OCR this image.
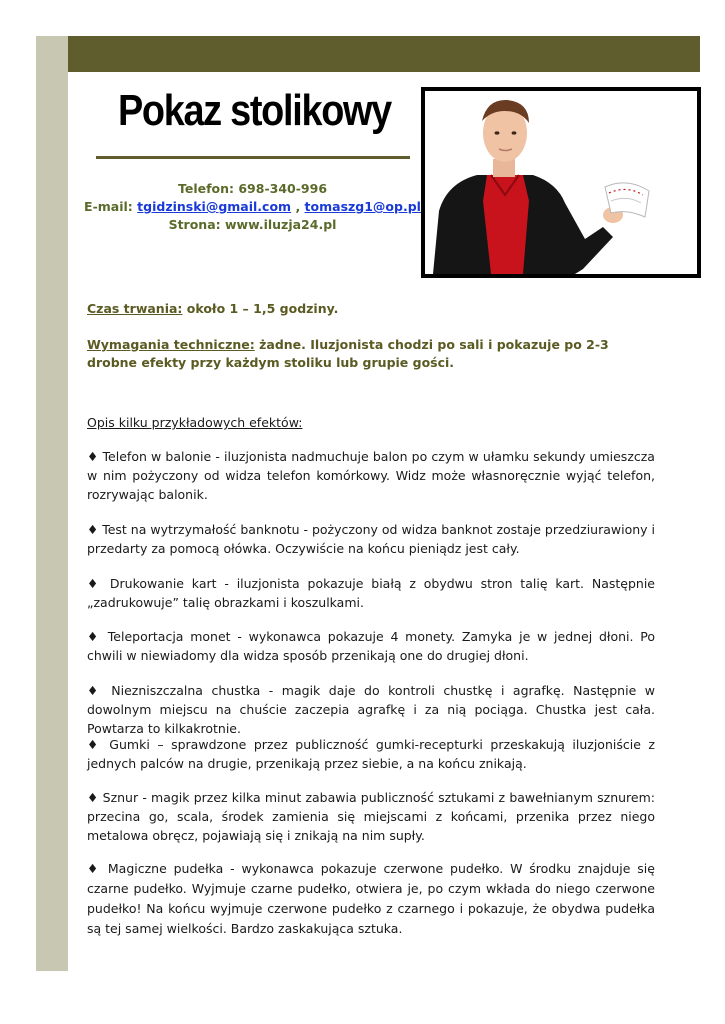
Pokaz stolikowy
Telefon: 698-340-996
E-mail: tgidzinski@gmail.com , tomaszg1@op.pl
Strona: www.iluzja24.pl
Czas trwania: około 1 – 1,5 godziny.
Wymagania techniczne: żadne. Iluzjonista chodzi po sali i pokazuje po 2-3 drobne efekty przy każdym stoliku lub grupie gości.
Opis kilku przykładowych efektów:
♦ Telefon w balonie - iluzjonista nadmuchuje balon po czym w ułamku sekundy umieszcza w nim pożyczony od widza telefon komórkowy. Widz może własnoręcznie wyjąć telefon, rozrywając balonik.
♦ Test na wytrzymałość banknotu - pożyczony od widza banknot zostaje przedziurawiony i przedarty za pomocą ołówka. Oczywiście na końcu pieniądz jest cały.
♦ Drukowanie kart - iluzjonista pokazuje białą z obydwu stron talię kart. Następnie „zadrukowuje” talię obrazkami i koszulkami.
♦ Teleportacja monet - wykonawca pokazuje 4 monety. Zamyka je w jednej dłoni. Po chwili w niewiadomy dla widza sposób przenikają one do drugiej dłoni.
♦ Niezniszczalna chustka - magik daje do kontroli chustkę i agrafkę. Następnie w dowolnym miejscu na chuście zaczepia agrafkę i za nią pociąga. Chustka jest cała. Powtarza to kilkakrotnie.
♦ Gumki – sprawdzone przez publiczność gumki-recepturki przeskakują iluzjoniście z jednych palców na drugie, przenikają przez siebie, a na końcu znikają.
♦ Sznur - magik przez kilka minut zabawia publiczność sztukami z bawełnianym sznurem: przecina go, scala, środek zamienia się miejscami z końcami, przenika przez niego metalowa obręcz, pojawiają się i znikają na nim supły.
♦ Magiczne pudełka - wykonawca pokazuje czerwone pudełko. W środku znajduje się czarne pudełko. Wyjmuje czarne pudełko, otwiera je, po czym wkłada do niego czerwone pudełko! Na końcu wyjmuje czerwone pudełko z czarnego i pokazuje, że obydwa pudełka są tej samej wielkości. Bardzo zaskakująca sztuka.
